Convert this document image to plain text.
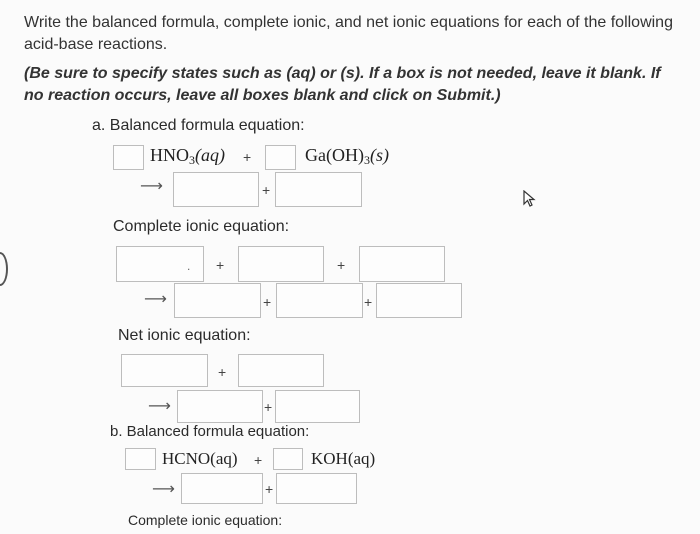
Write the balanced formula, complete ionic, and net ionic equations for each of the following acid-base reactions.
(Be sure to specify states such as (aq) or (s). If a box is not needed, leave it blank. If no reaction occurs, leave all boxes blank and click on Submit.)
a. Balanced formula equation:
$HNO_3(aq)$ +	$Ga(OH)_3(s)$
⟶	+
Complete ionic equation:
. +	+
⟶	+	+
Net ionic equation:
+
⟶	+
b. Balanced formula equation:
HCNO(aq) +	KOH(aq)
⟶	+
Complete ionic equation:
